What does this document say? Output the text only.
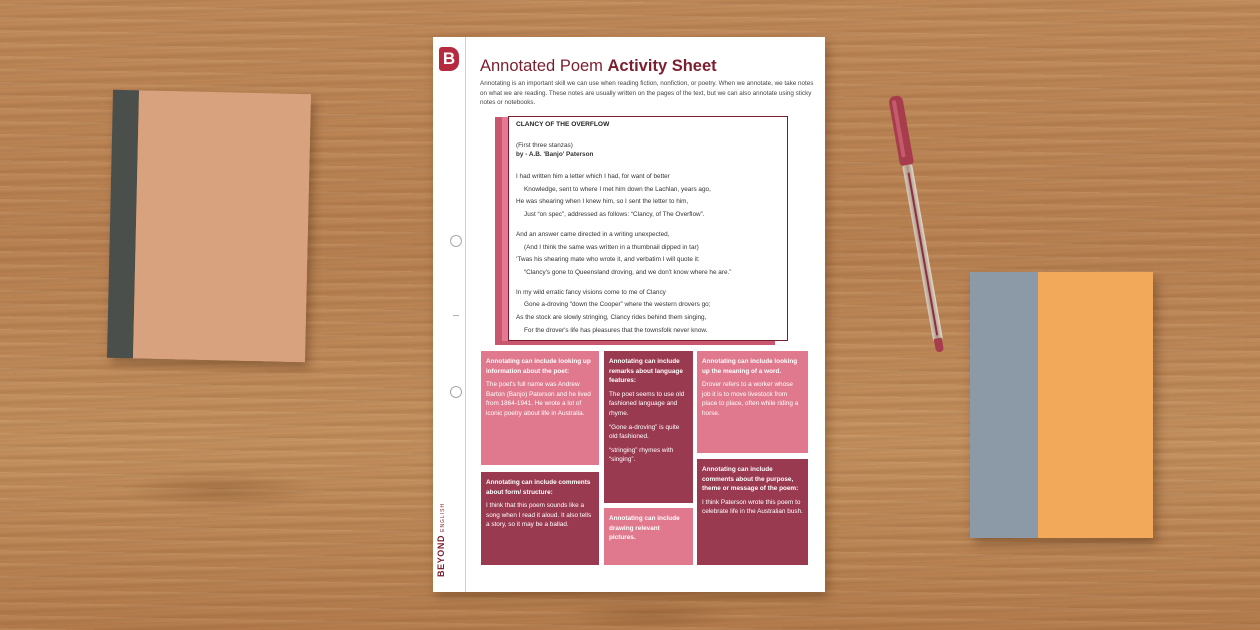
B
BEYONDENGLISH
Annotated Poem Activity Sheet
Annotating is an important skill we can use when reading fiction, nonfiction, or poetry. When we annotate, we take notes on what we are reading. These notes are usually written on the pages of the text, but we can also annotate using sticky notes or notebooks.
CLANCY OF THE OVERFLOW
(First three stanzas)
by - A.B. 'Banjo' Paterson
I had written him a letter which I had, for want of better
Knowledge, sent to where I met him down the Lachlan, years ago,
He was shearing when I knew him, so I sent the letter to him,
Just “on spec”, addressed as follows: “Clancy, of The Overflow”.
And an answer came directed in a writing unexpected,
(And I think the same was written in a thumbnail dipped in tar)
‘Twas his shearing mate who wrote it, and verbatim I will quote it:
“Clancy's gone to Queensland droving, and we don't know where he are.”
In my wild erratic fancy visions come to me of Clancy
Gone a-droving “down the Cooper” where the western drovers go;
As the stock are slowly stringing, Clancy rides behind them singing,
For the drover's life has pleasures that the townsfolk never know.
Annotating can include looking up information about the poet:

The poet's full name was Andrew Barton (Banjo) Paterson and he lived from 1864-1941. He wrote a lot of iconic poetry about life in Australia.

Annotating can include remarks about language features:

The poet seems to use old fashioned language and rhyme.

“Gone a-droving” is quite old fashioned.

“stringing” rhymes with “singing”.

Annotating can include looking up the meaning of a word.

Drover refers to a worker whose job it is to move livestock from place to place, often while riding a horse.

Annotating can include comments about form/ structure:

I think that this poem sounds like a song when I read it aloud. It also tells a story, so it may be a ballad.

Annotating can include drawing relevant pictures.
Annotating can include comments about the purpose, theme or message of the poem:

I think Paterson wrote this poem to celebrate life in the Australian bush.
